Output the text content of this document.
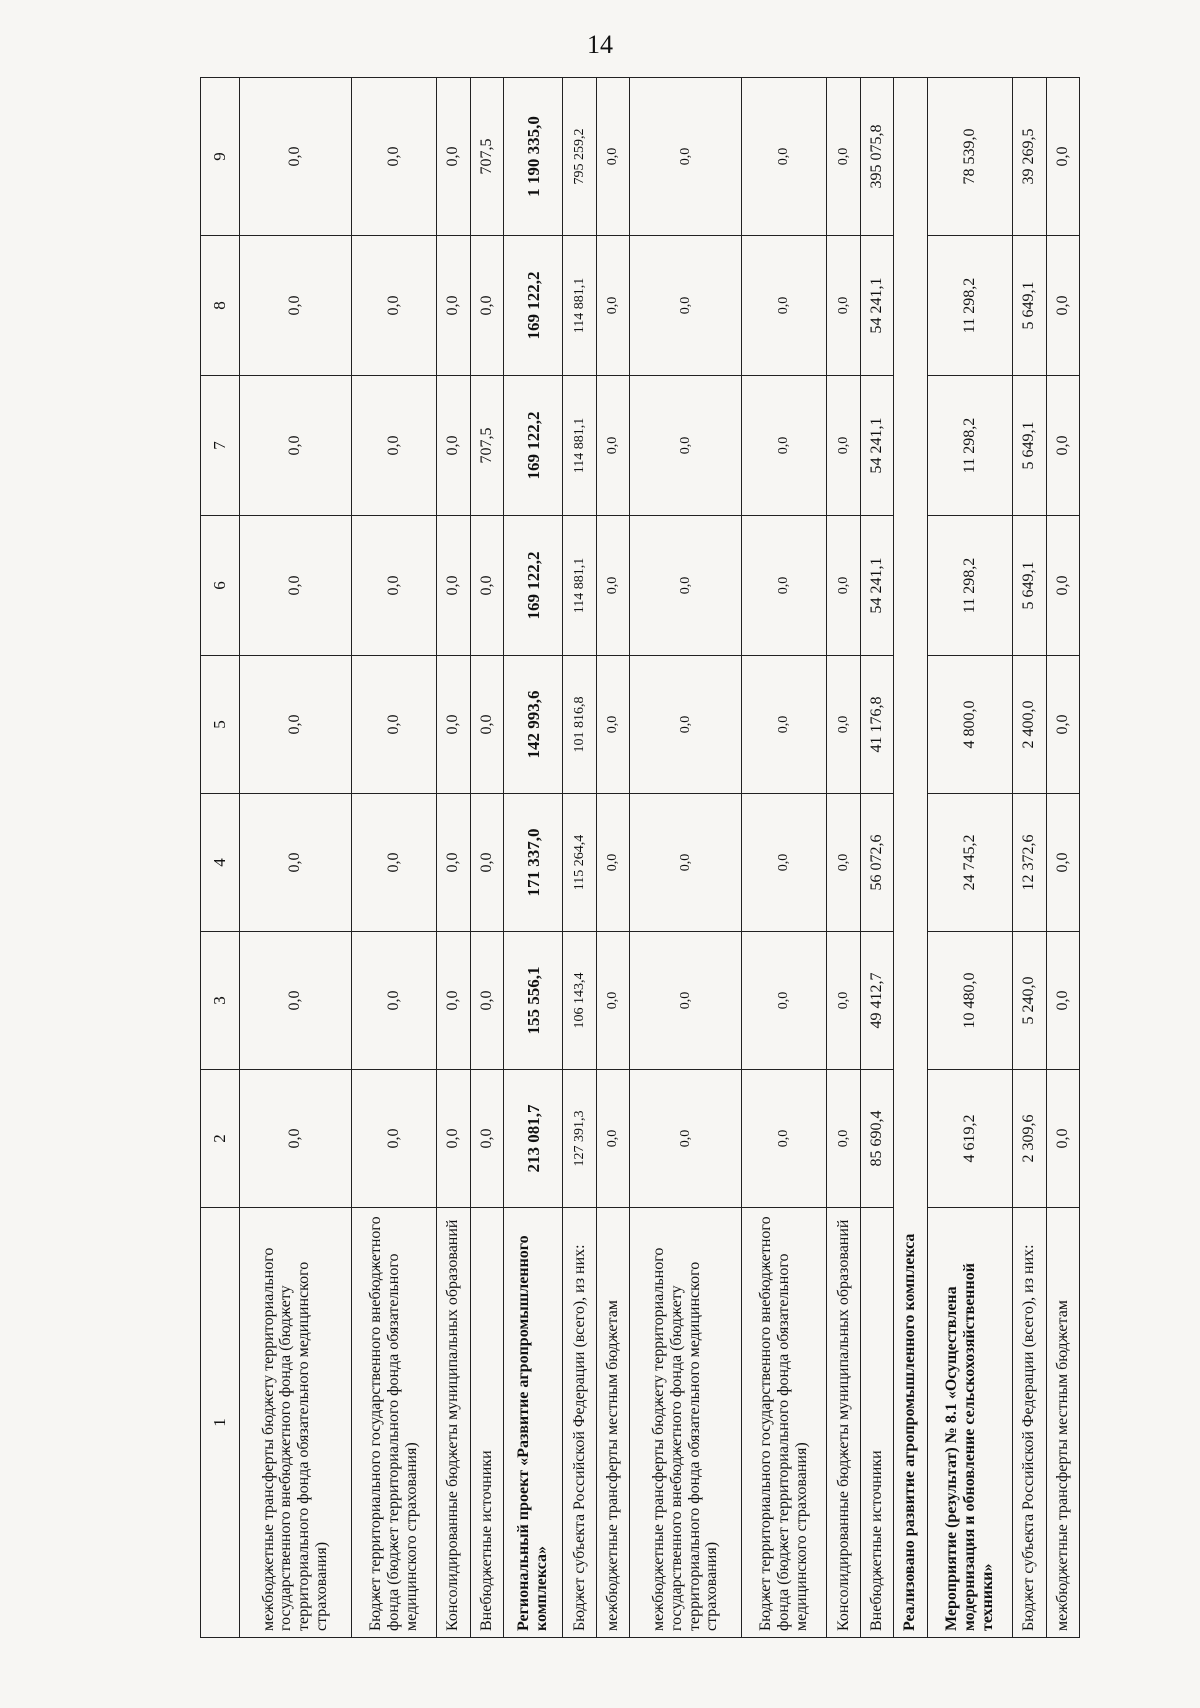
14
1	2	3	4	5	6	7	8	9
межбюджетные трансферты бюджету территориального государственного внебюджетного фонда (бюджету территориального фонда обязательного медицинского страхования)	0,0	0,0	0,0	0,0	0,0	0,0	0,0	0,0
Бюджет территориального государственного внебюджетного фонда (бюджет территориального фонда обязательного медицинского страхования)	0,0	0,0	0,0	0,0	0,0	0,0	0,0	0,0
Консолидированные бюджеты муниципальных образований	0,0	0,0	0,0	0,0	0,0	0,0	0,0	0,0
Внебюджетные источники	0,0	0,0	0,0	0,0	0,0	707,5	0,0	707,5
Региональный проект «Развитие агропромышленного комплекса»	213 081,7	155 556,1	171 337,0	142 993,6	169 122,2	169 122,2	169 122,2	1 190 335,0
Бюджет субъекта Российской Федерации (всего), из них:	127 391,3	106 143,4	115 264,4	101 816,8	114 881,1	114 881,1	114 881,1	795 259,2
межбюджетные трансферты местным бюджетам	0,0	0,0	0,0	0,0	0,0	0,0	0,0	0,0
межбюджетные трансферты бюджету территориального государственного внебюджетного фонда (бюджету территориального фонда обязательного медицинского страхования)	0,0	0,0	0,0	0,0	0,0	0,0	0,0	0,0
Бюджет территориального государственного внебюджетного фонда (бюджет территориального фонда обязательного медицинского страхования)	0,0	0,0	0,0	0,0	0,0	0,0	0,0	0,0
Консолидированные бюджеты муниципальных образований	0,0	0,0	0,0	0,0	0,0	0,0	0,0	0,0
Внебюджетные источники	85 690,4	49 412,7	56 072,6	41 176,8	54 241,1	54 241,1	54 241,1	395 075,8
Реализовано развитие агропромышленного комплекса								
Мероприятие (результат) № 8.1 «Осуществлена модернизация и обновление сельскохозяйственной техники»	4 619,2	10 480,0	24 745,2	4 800,0	11 298,2	11 298,2	11 298,2	78 539,0
Бюджет субъекта Российской Федерации (всего), из них:	2 309,6	5 240,0	12 372,6	2 400,0	5 649,1	5 649,1	5 649,1	39 269,5
межбюджетные трансферты местным бюджетам	0,0	0,0	0,0	0,0	0,0	0,0	0,0	0,0
